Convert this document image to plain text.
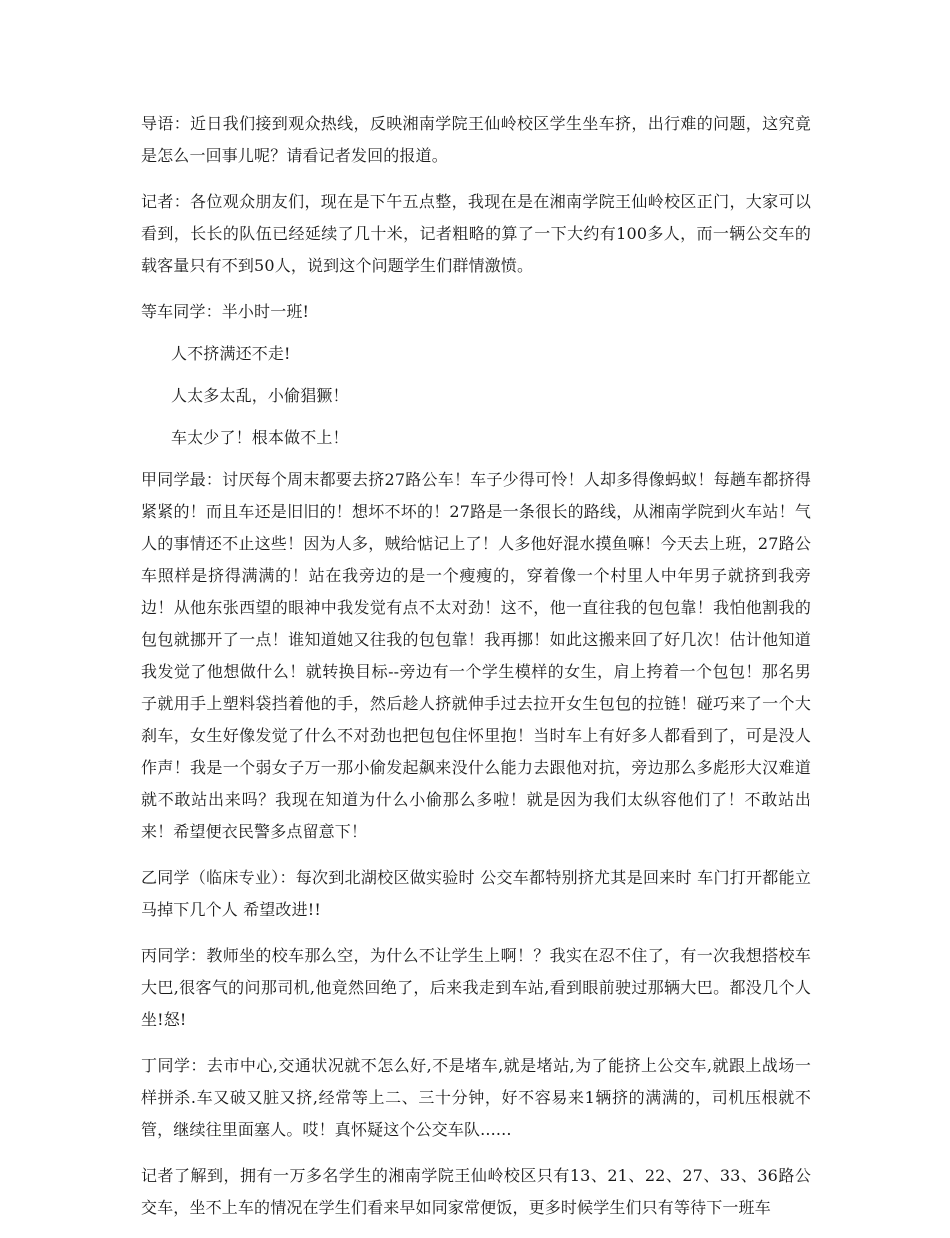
导语：近日我们接到观众热线，反映湘南学院王仙岭校区学生坐车挤，出行难的问题，这究竟是怎么一回事儿呢？请看记者发回的报道。

记者：各位观众朋友们，现在是下午五点整，我现在是在湘南学院王仙岭校区正门，大家可以看到，长长的队伍已经延续了几十米，记者粗略的算了一下大约有100多人，而一辆公交车的载客量只有不到50人，说到这个问题学生们群情激愤。

等车同学：半小时一班!

人不挤满还不走!

人太多太乱，小偷猖獗！

车太少了！根本做不上！

甲同学最：讨厌每个周末都要去挤27路公车！车子少得可怜！人却多得像蚂蚁！每趟车都挤得紧紧的！而且车还是旧旧的！想坏不坏的！27路是一条很长的路线，从湘南学院到火车站！气人的事情还不止这些！因为人多，贼给惦记上了！人多他好混水摸鱼嘛！今天去上班，27路公车照样是挤得满满的！站在我旁边的是一个瘦瘦的，穿着像一个村里人中年男子就挤到我旁边！从他东张西望的眼神中我发觉有点不太对劲！这不，他一直往我的包包靠！我怕他割我的包包就挪开了一点！谁知道她又往我的包包靠！我再挪！如此这搬来回了好几次！估计他知道我发觉了他想做什么！就转换目标--旁边有一个学生模样的女生，肩上挎着一个包包！那名男子就用手上塑料袋挡着他的手，然后趁人挤就伸手过去拉开女生包包的拉链！碰巧来了一个大刹车，女生好像发觉了什么不对劲也把包包住怀里抱！当时车上有好多人都看到了，可是没人作声！我是一个弱女子万一那小偷发起飙来没什么能力去跟他对抗，旁边那么多彪形大汉难道就不敢站出来吗？我现在知道为什么小偷那么多啦！就是因为我们太纵容他们了！不敢站出来！希望便衣民警多点留意下！

乙同学（临床专业）：每次到北湖校区做实验时 公交车都特别挤尤其是回来时 车门打开都能立马掉下几个人 希望改进!!

丙同学：教师坐的校车那么空，为什么不让学生上啊！？我实在忍不住了，有一次我想搭校车大巴,很客气的问那司机,他竟然回绝了，后来我走到车站,看到眼前驶过那辆大巴。都没几个人坐!怒!

丁同学：去市中心,交通状况就不怎么好,不是堵车,就是堵站,为了能挤上公交车,就跟上战场一样拼杀.车又破又脏又挤,经常等上二、三十分钟，好不容易来1辆挤的满满的，司机压根就不管，继续往里面塞人。哎！真怀疑这个公交车队......

记者了解到，拥有一万多名学生的湘南学院王仙岭校区只有13、21、22、27、33、36路公交车，坐不上车的情况在学生们看来早如同家常便饭，更多时候学生们只有等待下一班车
